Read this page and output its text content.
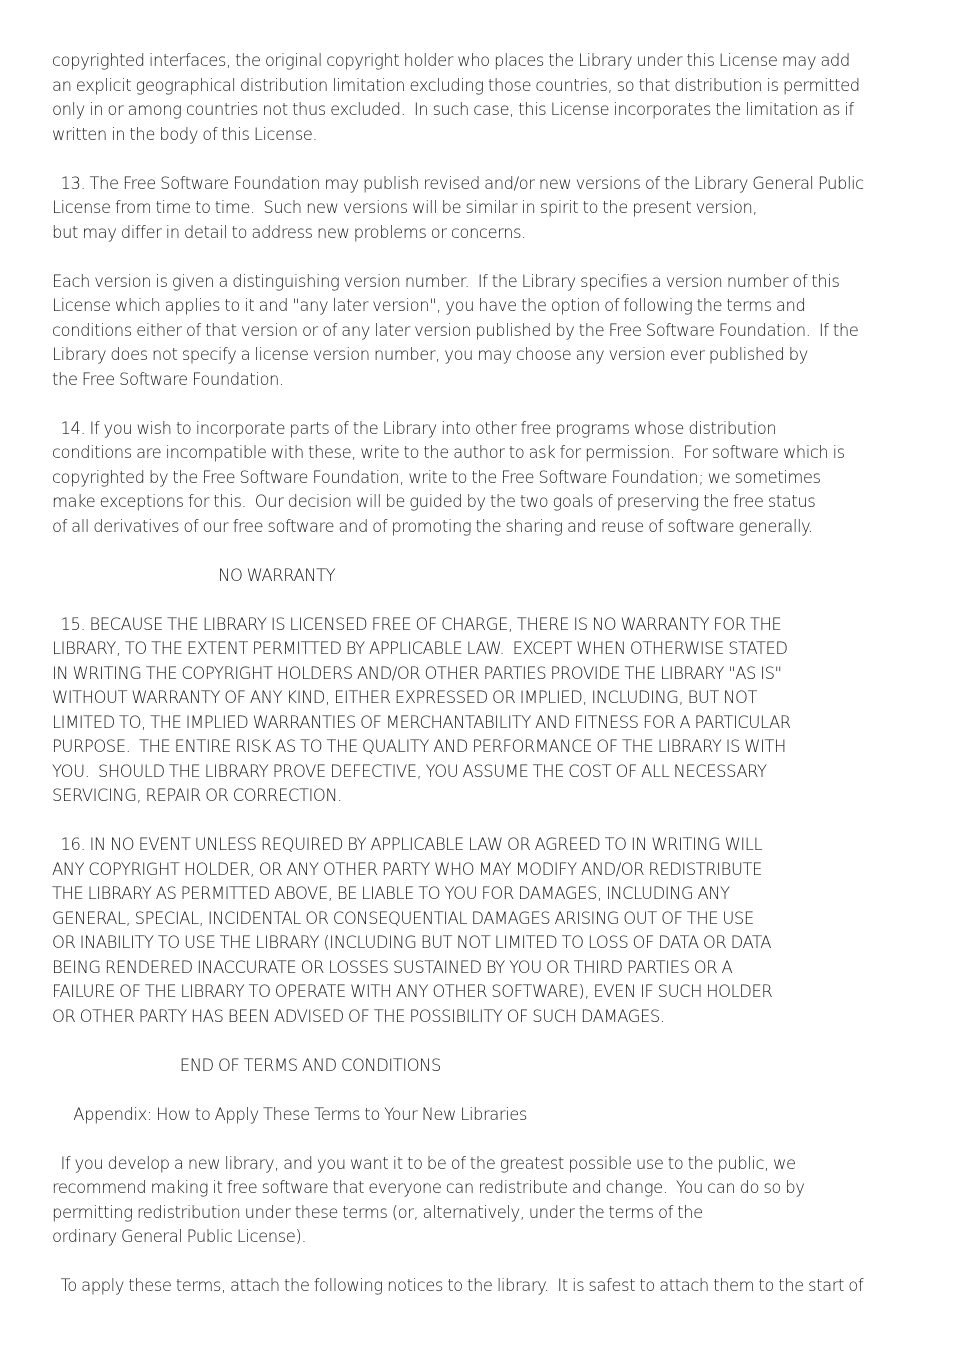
copyrighted interfaces, the original copyright holder who places the Library under this License may add
an explicit geographical distribution limitation excluding those countries, so that distribution is permitted
only in or among countries not thus excluded.  In such case, this License incorporates the limitation as if
written in the body of this License.
13. The Free Software Foundation may publish revised and/or new versions of the Library General Public
License from time to time.  Such new versions will be similar in spirit to the present version,
but may differ in detail to address new problems or concerns.
Each version is given a distinguishing version number.  If the Library specifies a version number of this
License which applies to it and "any later version", you have the option of following the terms and
conditions either of that version or of any later version published by the Free Software Foundation.  If the
Library does not specify a license version number, you may choose any version ever published by
the Free Software Foundation.
14. If you wish to incorporate parts of the Library into other free programs whose distribution
conditions are incompatible with these, write to the author to ask for permission.  For software which is
copyrighted by the Free Software Foundation, write to the Free Software Foundation; we sometimes
make exceptions for this.  Our decision will be guided by the two goals of preserving the free status
of all derivatives of our free software and of promoting the sharing and reuse of software generally.
NO WARRANTY
15. BECAUSE THE LIBRARY IS LICENSED FREE OF CHARGE, THERE IS NO WARRANTY FOR THE
LIBRARY, TO THE EXTENT PERMITTED BY APPLICABLE LAW.  EXCEPT WHEN OTHERWISE STATED
IN WRITING THE COPYRIGHT HOLDERS AND/OR OTHER PARTIES PROVIDE THE LIBRARY "AS IS"
WITHOUT WARRANTY OF ANY KIND, EITHER EXPRESSED OR IMPLIED, INCLUDING, BUT NOT
LIMITED TO, THE IMPLIED WARRANTIES OF MERCHANTABILITY AND FITNESS FOR A PARTICULAR
PURPOSE.  THE ENTIRE RISK AS TO THE QUALITY AND PERFORMANCE OF THE LIBRARY IS WITH
YOU.  SHOULD THE LIBRARY PROVE DEFECTIVE, YOU ASSUME THE COST OF ALL NECESSARY
SERVICING, REPAIR OR CORRECTION.
16. IN NO EVENT UNLESS REQUIRED BY APPLICABLE LAW OR AGREED TO IN WRITING WILL
ANY COPYRIGHT HOLDER, OR ANY OTHER PARTY WHO MAY MODIFY AND/OR REDISTRIBUTE
THE LIBRARY AS PERMITTED ABOVE, BE LIABLE TO YOU FOR DAMAGES, INCLUDING ANY
GENERAL, SPECIAL, INCIDENTAL OR CONSEQUENTIAL DAMAGES ARISING OUT OF THE USE
OR INABILITY TO USE THE LIBRARY (INCLUDING BUT NOT LIMITED TO LOSS OF DATA OR DATA
BEING RENDERED INACCURATE OR LOSSES SUSTAINED BY YOU OR THIRD PARTIES OR A
FAILURE OF THE LIBRARY TO OPERATE WITH ANY OTHER SOFTWARE), EVEN IF SUCH HOLDER
OR OTHER PARTY HAS BEEN ADVISED OF THE POSSIBILITY OF SUCH DAMAGES.
END OF TERMS AND CONDITIONS
Appendix: How to Apply These Terms to Your New Libraries
If you develop a new library, and you want it to be of the greatest possible use to the public, we
recommend making it free software that everyone can redistribute and change.  You can do so by
permitting redistribution under these terms (or, alternatively, under the terms of the
ordinary General Public License).
To apply these terms, attach the following notices to the library.  It is safest to attach them to the start of
